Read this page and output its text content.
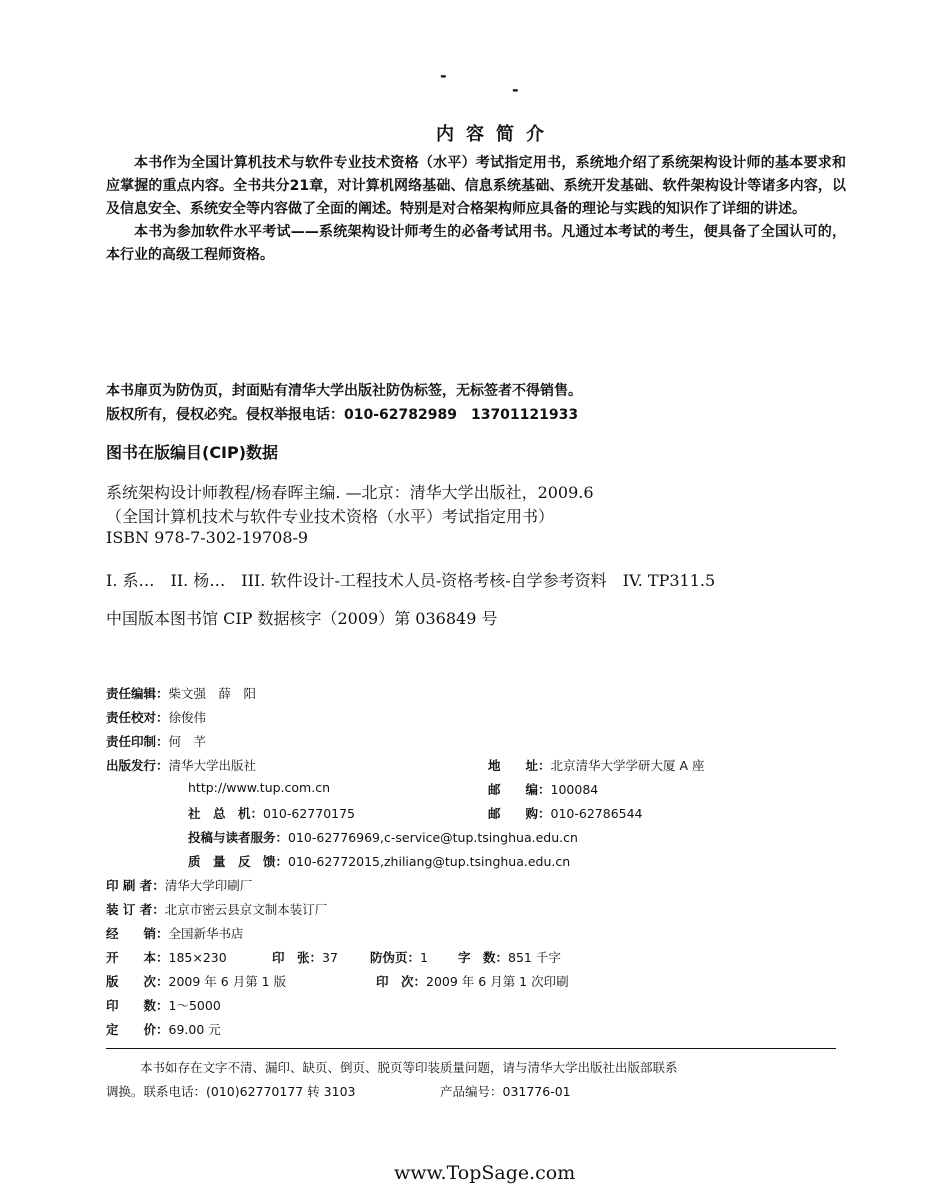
-
-
内容简介

本书作为全国计算机技术与软件专业技术资格（水平）考试指定用书，系统地介绍了系统架构设计师的基本要求和应掌握的重点内容。全书共分21章，对计算机网络基础、信息系统基础、系统开发基础、软件架构设计等诸多内容，以及信息安全、系统安全等内容做了全面的阐述。特别是对合格架构师应具备的理论与实践的知识作了详细的讲述。

本书为参加软件水平考试——系统架构设计师考生的必备考试用书。凡通过本考试的考生，便具备了全国认可的，本行业的高级工程师资格。

本书扉页为防伪页，封面贴有清华大学出版社防伪标签，无标签者不得销售。
版权所有，侵权必究。侵权举报电话：010-62782989　13701121933
图书在版编目(CIP)数据
系统架构设计师教程/杨春晖主编. —北京：清华大学出版社，2009.6
（全国计算机技术与软件专业技术资格（水平）考试指定用书）
ISBN 978-7-302-19708-9
I. 系…　II. 杨…　III. 软件设计-工程技术人员-资格考核-自学参考资料　IV. TP311.5
中国版本图书馆 CIP 数据核字（2009）第 036849 号
责任编辑：柴文强　薛　阳
责任校对：徐俊伟
责任印制：何　芊
出版发行：清华大学出版社	地　　址：北京清华大学学研大厦 A 座
http://www.tup.com.cn	邮　　编：100084
社　总　机：010-62770175	邮　　购：010-62786544
投稿与读者服务：010-62776969,c-service@tup.tsinghua.edu.cn
质　量　反　馈：010-62772015,zhiliang@tup.tsinghua.edu.cn
印 刷 者：清华大学印刷厂
装 订 者：北京市密云县京文制本装订厂
经　　销：全国新华书店
开　　本：185×230	印　张：37	防伪页：1 字　数：851 千字
版　　次：2009 年 6 月第 1 版	印　次：2009 年 6 月第 1 次印刷
印　　数：1～5000
定　　价：69.00 元
本书如存在文字不清、漏印、缺页、倒页、脱页等印装质量问题，请与清华大学出版社出版部联系
调换。联系电话：(010)62770177 转 3103	产品编号：031776-01
www.TopSage.com
